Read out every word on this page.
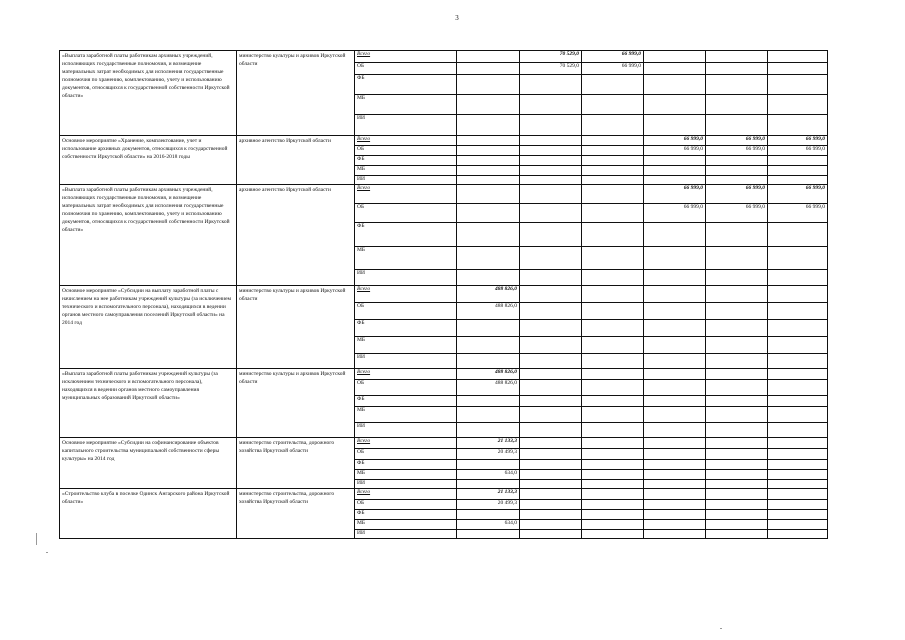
3
«Выплата заработной платы работникам архивных учреждений, исполняющих государственные полномочия, и возмещение материальных затрат необходимых для исполнения государственные полномочия по хранению, комплектованию, учету и использованию документов, относящихся к государственной собственности Иркутской области»	министерство культуры и архивов Иркутской области	Всего		70 529,0	66 999,0				
		ОБ		70 529,0	66 999,0				
		ФБ							
		МБ							
		ИИ							
Основное мероприятие «Хранение, комплектование, учет и использование архивных документов, относящихся к государственной собственности Иркутской области» на 2016-2018 годы	архивное агентство Иркутской области	Всего				66 999,0	66 999,0	66 999,0	
		ОБ				66 999,0	66 999,0	66 999,0	
		ФБ							
		МБ							
		ИИ							
«Выплата заработной платы работникам архивных учреждений, исполняющих государственные полномочия, и возмещение материальных затрат необходимых для исполнения государственные полномочия по хранению, комплектованию, учету и использованию документов, относящихся к государственной собственности Иркутской области»	архивное агентство Иркутской области	Всего				66 999,0	66 999,0	66 999,0	
		ОБ				66 999,0	66 999,0	66 999,0	
		ФБ							
		МБ							
		ИИ							
Основное мероприятие «Субсидии на выплату заработной платы с начислением на нее работникам учреждений культуры (за исключением технического и вспомогательного персонала), находящихся в ведении органов местного самоуправления поселений Иркутской области» на 2014 год	министерство культуры и архивов Иркутской области	Всего	488 826,0						
		ОБ	488 826,0						
		ФБ							
		МБ							
		ИИ							
«Выплата заработной платы работникам учреждений культуры (за исключением технического и вспомогательного персонала), находящихся в ведении органов местного самоуправления муниципальных образований Иркутской области»	министерство культуры и архивов Иркутской области	Всего	488 826,0						
		ОБ	488 826,0						
		ФБ							
		МБ							
		ИИ							
Основное мероприятие «Субсидии на софинансирование объектов капитального строительства муниципальной собственности сферы культуры» на 2014 год	министерство строительства, дорожного хозяйства Иркутской области	Всего	21 133,3						
		ОБ	20 499,3						
		ФБ							
		МБ	634,0						
		ИИ							
«Строительство клуба в поселке Одинск Ангарского района Иркутской области»	министерство строительства, дорожного хозяйства Иркутской области	Всего	21 133,3						
		ОБ	20 499,3						
		ФБ							
		МБ	634,0						
		ИИ							
